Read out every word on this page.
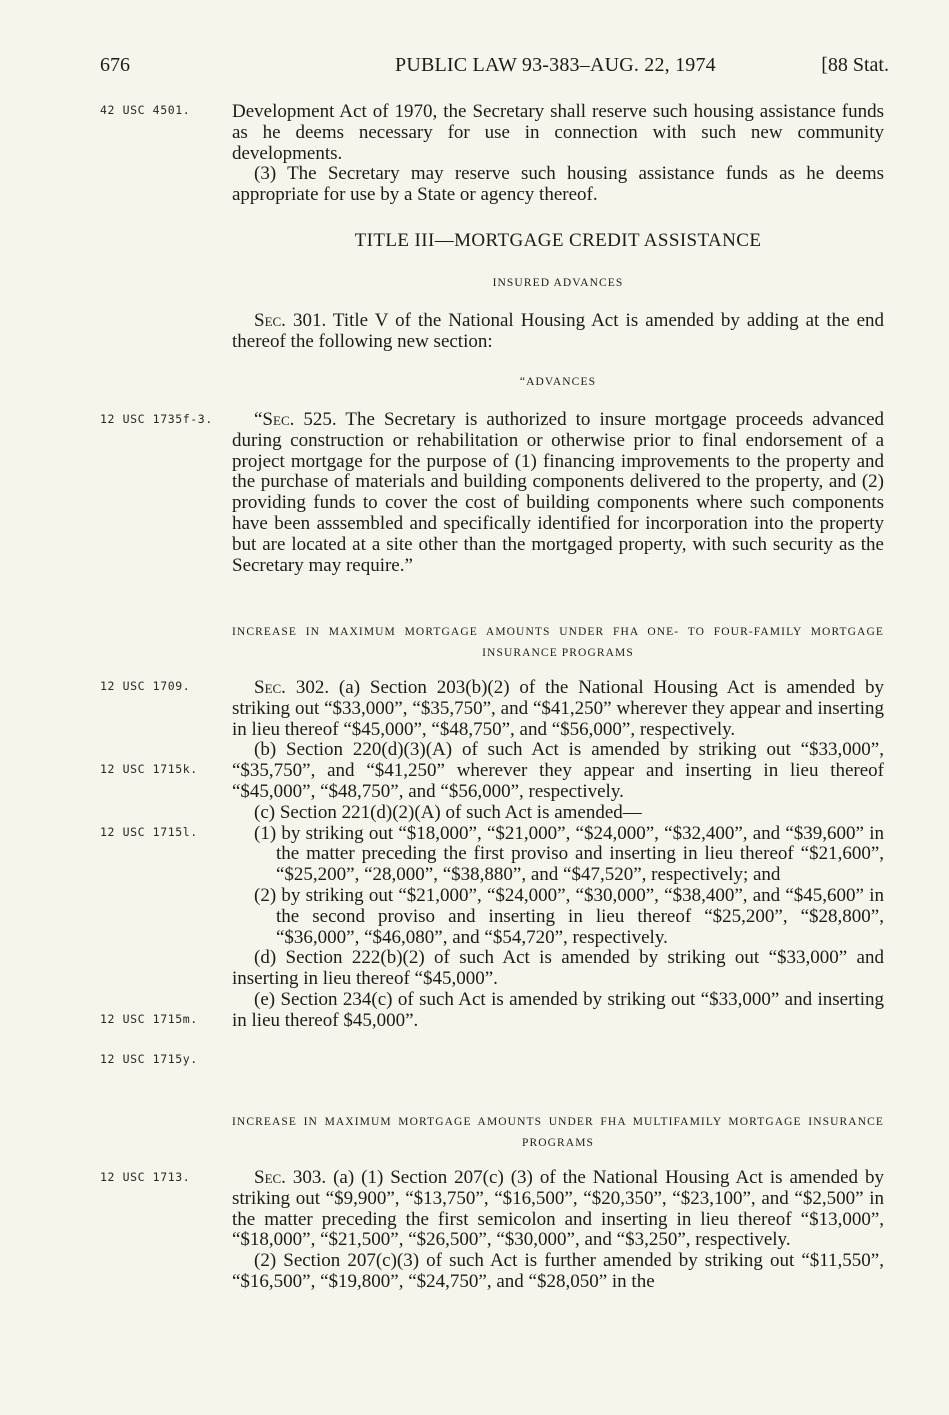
676	PUBLIC LAW 93-383–AUG. 22, 1974	[88 Stat.
42 USC 4501.
12 USC 1735f-3.
12 USC 1709.
12 USC 1715k.
12 USC 1715l.
12 USC 1715m.
12 USC 1715y.
12 USC 1713.

Development Act of 1970, the Secretary shall reserve such housing assistance funds as he deems necessary for use in connection with such new community developments.

(3) The Secretary may reserve such housing assistance funds as he deems appropriate for use by a State or agency thereof.

TITLE III—MORTGAGE CREDIT ASSISTANCE
INSURED ADVANCES

Sec. 301. Title V of the National Housing Act is amended by adding at the end thereof the following new section:

“ADVANCES

“Sec. 525. The Secretary is authorized to insure mortgage proceeds advanced during construction or rehabilitation or otherwise prior to final endorsement of a project mortgage for the purpose of (1) financing improvements to the property and the purchase of materials and building components delivered to the property, and (2) providing funds to cover the cost of building components where such components have been asssembled and specifically identified for incorporation into the property but are located at a site other than the mortgaged property, with such security as the Secretary may require.”

INCREASE IN MAXIMUM MORTGAGE AMOUNTS UNDER FHA ONE- TO FOUR-FAMILY MORTGAGE INSURANCE PROGRAMS

Sec. 302. (a) Section 203(b)(2) of the National Housing Act is amended by striking out “$33,000”, “$35,750”, and “$41,250” wherever they appear and inserting in lieu thereof “$45,000”, “$48,750”, and “$56,000”, respectively.

(b) Section 220(d)(3)(A) of such Act is amended by striking out “$33,000”, “$35,750”, and “$41,250” wherever they appear and inserting in lieu thereof “$45,000”, “$48,750”, and “$56,000”, respectively.

(c) Section 221(d)(2)(A) of such Act is amended—

(1) by striking out “$18,000”, “$21,000”, “$24,000”, “$32,400”, and “$39,600” in the matter preceding the first proviso and inserting in lieu thereof “$21,600”, “$25,200”, “28,000”, “$38,880”, and “$47,520”, respectively; and

(2) by striking out “$21,000”, “$24,000”, “$30,000”, “$38,400”, and “$45,600” in the second proviso and inserting in lieu thereof “$25,200”, “$28,800”, “$36,000”, “$46,080”, and “$54,720”, respectively.

(d) Section 222(b)(2) of such Act is amended by striking out “$33,000” and inserting in lieu thereof “$45,000”.

(e) Section 234(c) of such Act is amended by striking out “$33,000” and inserting in lieu thereof $45,000”.

INCREASE IN MAXIMUM MORTGAGE AMOUNTS UNDER FHA MULTIFAMILY MORTGAGE INSURANCE PROGRAMS

Sec. 303. (a) (1) Section 207(c) (3) of the National Housing Act is amended by striking out “$9,900”, “$13,750”, “$16,500”, “$20,350”, “$23,100”, and “$2,500” in the matter preceding the first semicolon and inserting in lieu thereof “$13,000”, “$18,000”, “$21,500”, “$26,500”, “$30,000”, and “$3,250”, respectively.

(2) Section 207(c)(3) of such Act is further amended by striking out “$11,550”, “$16,500”, “$19,800”, “$24,750”, and “$28,050” in the
